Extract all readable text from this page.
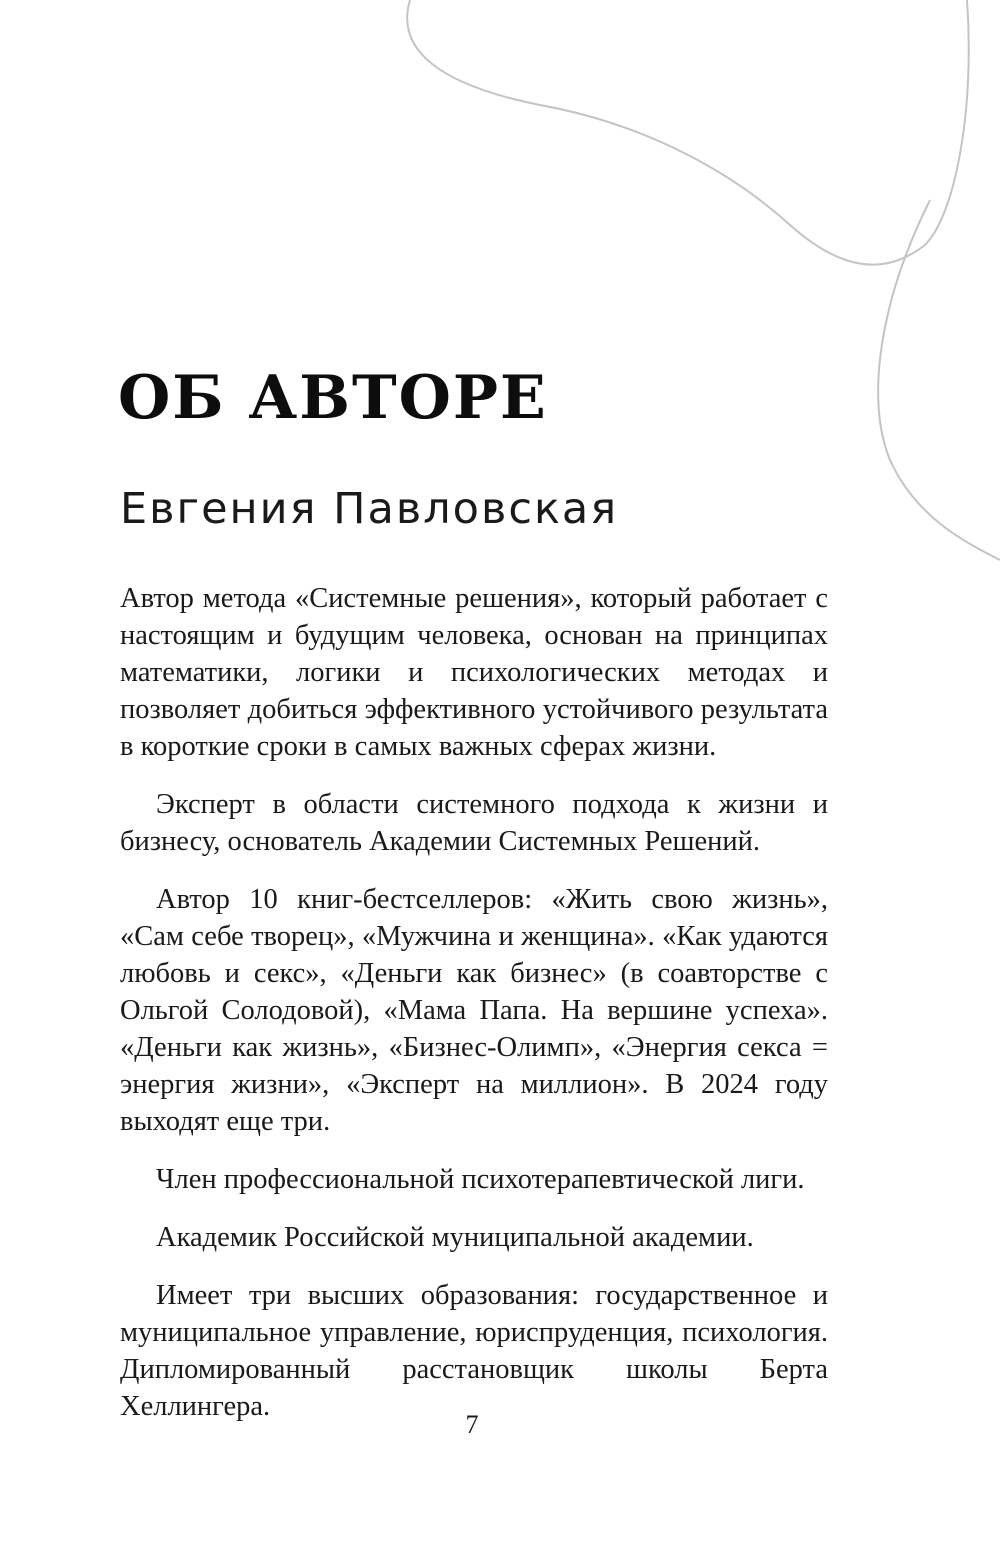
ОБ АВТОРЕ
Евгения Павловская

Автор метода «Системные решения», который работает с настоящим и будущим человека, основан на принципах математики, логики и психологических методах и позволяет добиться эффективного устойчивого результата в короткие сроки в самых важных сферах жизни.

Эксперт в области системного подхода к жизни и бизнесу, основатель Академии Системных Решений.

Автор 10 книг-бестселлеров: «Жить свою жизнь», «Сам себе творец», «Мужчина и женщина». «Как удаются любовь и секс», «Деньги как бизнес» (в соавторстве с Ольгой Солодовой), «Мама Папа. На вершине успеха». «Деньги как жизнь», «Бизнес-Олимп», «Энергия секса = энергия жизни», «Эксперт на миллион». В 2024 году выходят еще три.

Член профессиональной психотерапевтической лиги.

Академик Российской муниципальной академии.

Имеет три высших образования: государственное и муниципальное управление, юриспруденция, психология. Дипломированный расстановщик школы Берта Хеллингера.

7
